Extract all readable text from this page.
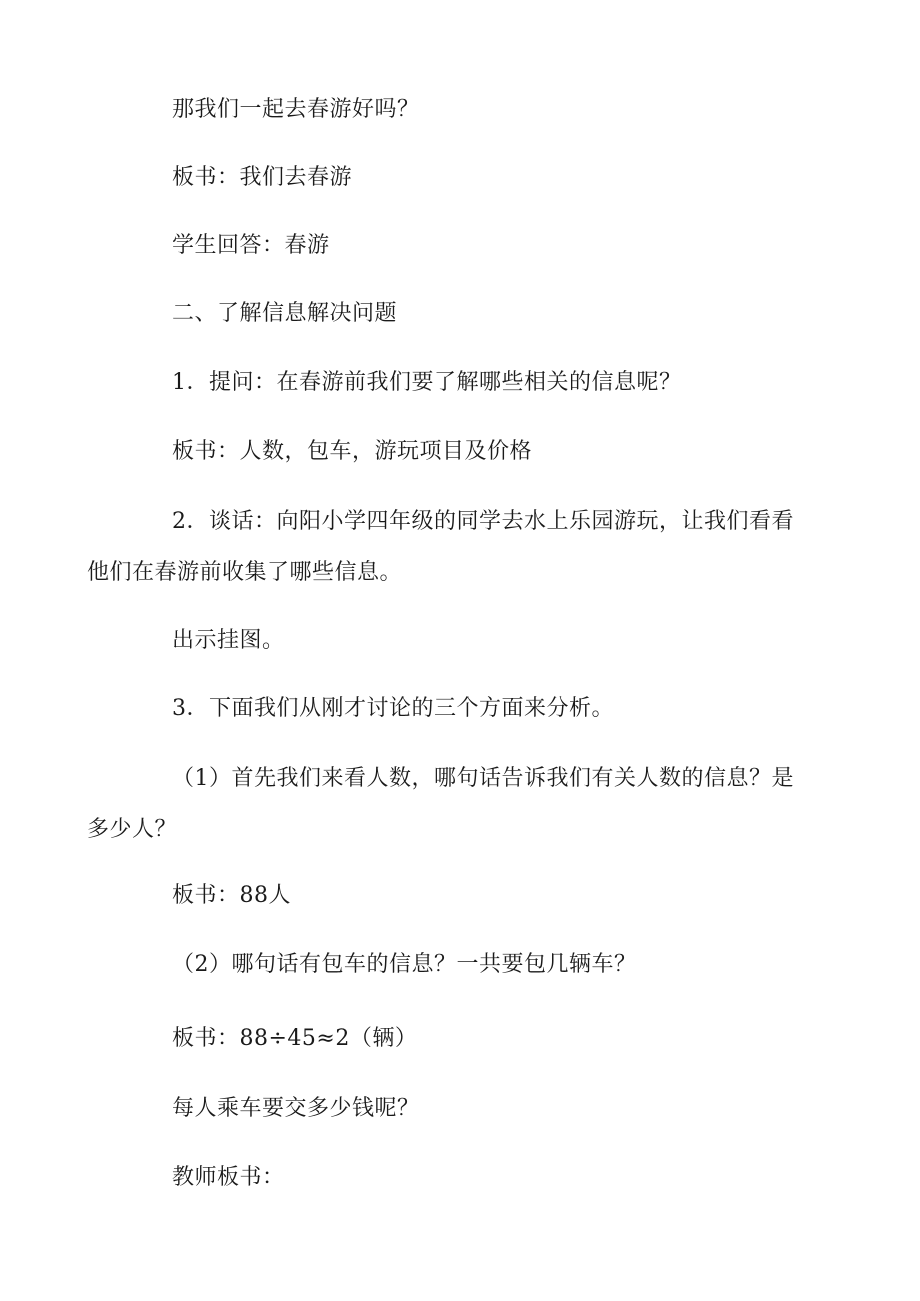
那我们一起去春游好吗？
板书：我们去春游
学生回答：春游
二、了解信息解决问题
1．提问：在春游前我们要了解哪些相关的信息呢？
板书：人数，包车，游玩项目及价格
2．谈话：向阳小学四年级的同学去水上乐园游玩，让我们看看
他们在春游前收集了哪些信息。
出示挂图。
3．下面我们从刚才讨论的三个方面来分析。
（1）首先我们来看人数，哪句话告诉我们有关人数的信息？是
多少人？
板书：88人
（2）哪句话有包车的信息？一共要包几辆车？
板书：88÷45≈2（辆）
每人乘车要交多少钱呢？
教师板书：
